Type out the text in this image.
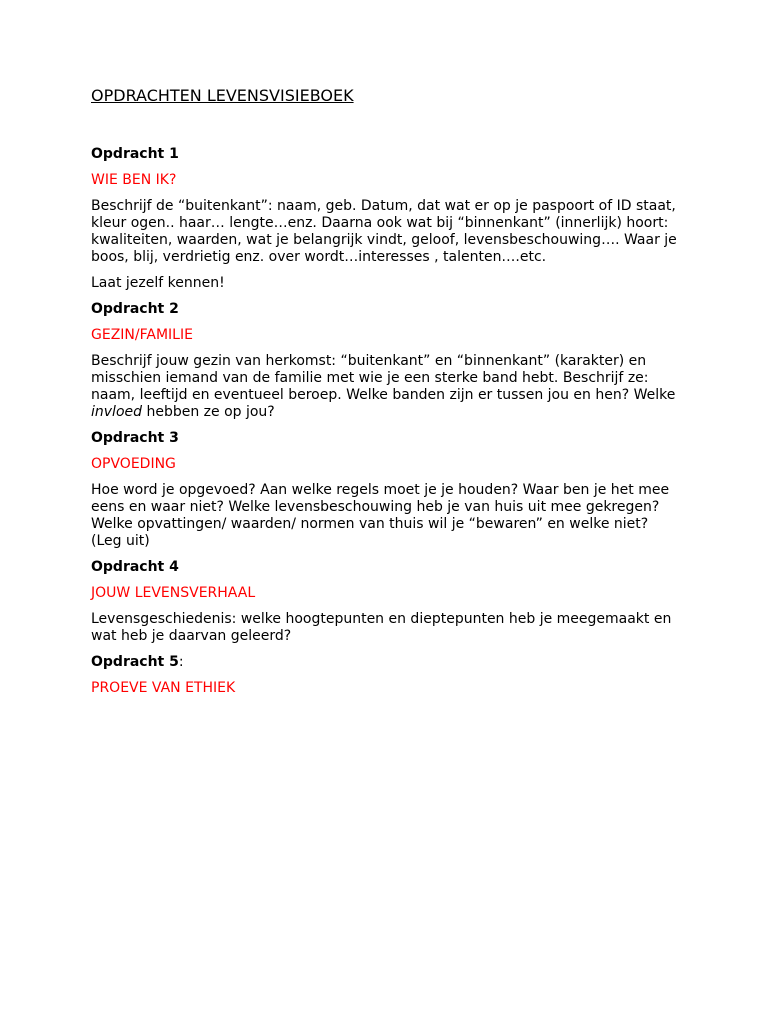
OPDRACHTEN LEVENSVISIEBOEK
Opdracht 1
WIE BEN IK?
Beschrijf de “buitenkant”: naam, geb. Datum, dat wat er op je paspoort of ID staat, kleur ogen.. haar… lengte…enz. Daarna ook wat bij “binnenkant” (innerlijk) hoort: kwaliteiten, waarden, wat je belangrijk vindt, geloof, levensbeschouwing…. Waar je boos, blij, verdrietig enz. over wordt…interesses , talenten….etc.
Laat jezelf kennen!
Opdracht 2
GEZIN/FAMILIE
Beschrijf jouw gezin van herkomst: “buitenkant” en “binnenkant” (karakter) en misschien iemand van de familie met wie je een sterke band hebt. Beschrijf ze: naam, leeftijd en eventueel beroep. Welke banden zijn er tussen jou en hen? Welke invloed hebben ze op jou?
Opdracht 3
OPVOEDING
Hoe word je opgevoed? Aan welke regels moet je je houden? Waar ben je het mee eens en waar niet? Welke levensbeschouwing heb je van huis uit mee gekregen? Welke opvattingen/ waarden/ normen van thuis wil je “bewaren” en welke niet? (Leg uit)
Opdracht 4
JOUW LEVENSVERHAAL
Levensgeschiedenis: welke hoogtepunten en dieptepunten heb je meegemaakt en wat heb je daarvan geleerd?
Opdracht 5:
PROEVE VAN ETHIEK
